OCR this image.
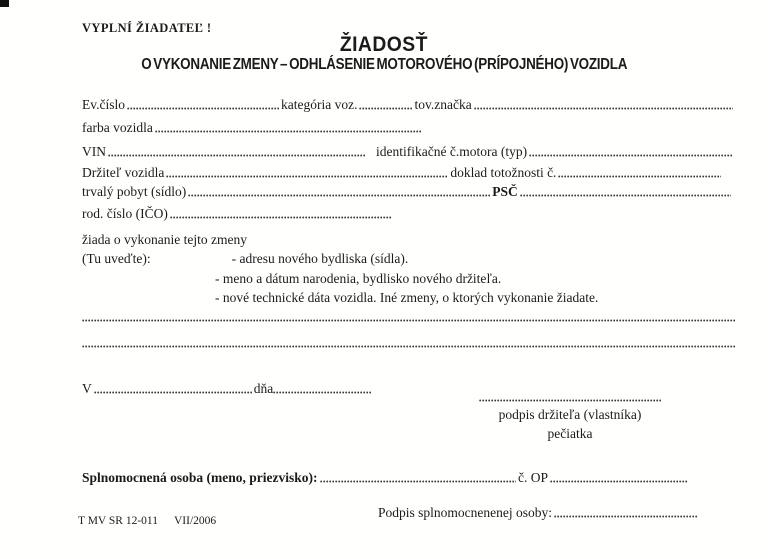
VYPLNÍ ŽIADATEĽ !
ŽIADOSŤ
O VYKONANIE ZMENY – ODHLÁSENIE MOTOROVÉHO (PRÍPOJNÉHO) VOZIDLA
Ev.číslo	kategória voz.	tov.značka
farba vozidla
VIN	identifikačné č.motora (typ)
Držiteľ vozidla	doklad totožnosti č.
trvalý pobyt (sídlo)	PSČ
rod. číslo (IČO)
žiada o vykonanie tejto zmeny
(Tu uveďte):	- adresu nového bydliska (sídla).
- meno a dátum narodenia, bydlisko nového držiteľa.
- nové technické dáta vozidla. Iné zmeny, o ktorých vykonanie žiadate.
V	dňa
podpis držiteľa (vlastníka)
pečiatka
Splnomocnená osoba (meno, priezvisko):	č. OP
Podpis splnomocnenenej osoby:
T MV SR 12-011 VII/2006
